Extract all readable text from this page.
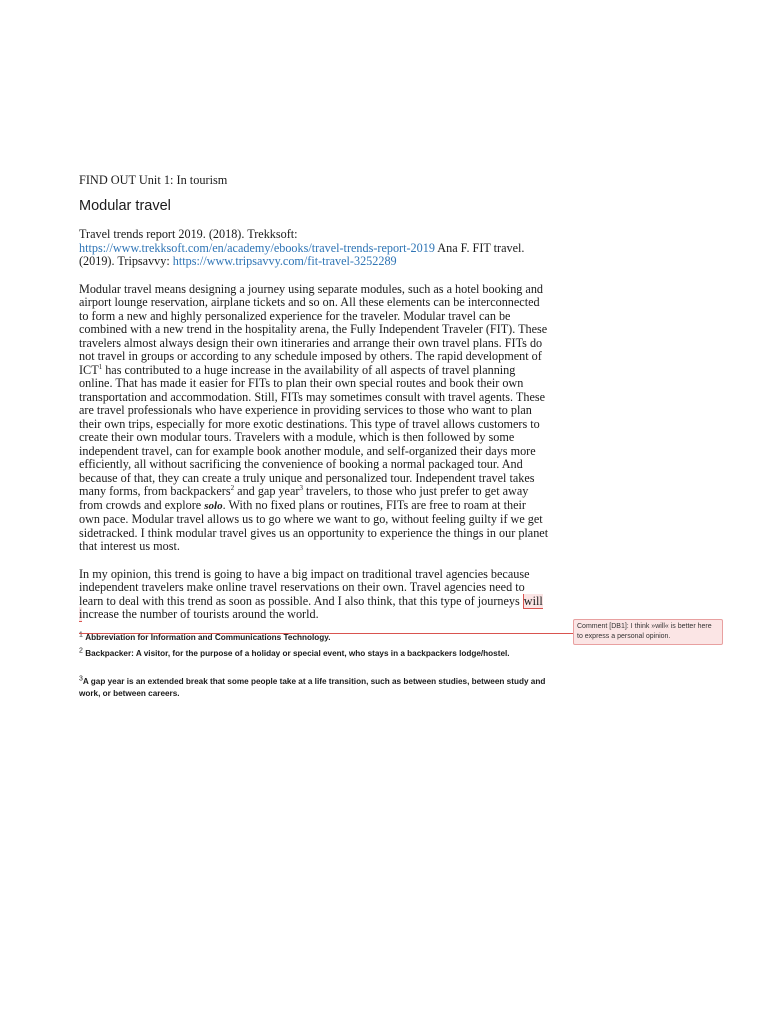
FIND OUT Unit 1: In tourism
Modular travel

Travel trends report 2019. (2018). Trekksoft: https://www.trekksoft.com/en/academy/ebooks/travel-trends-report-2019 Ana F. FIT travel. (2019). Tripsavvy: https://www.tripsavvy.com/fit-travel-3252289

Modular travel means designing a journey using separate modules, such as a hotel booking and airport lounge reservation, airplane tickets and so on. All these elements can be interconnected to form a new and highly personalized experience for the traveler. Modular travel can be combined with a new trend in the hospitality arena, the Fully Independent Traveler (FIT). These travelers almost always design their own itineraries and arrange their own travel plans. FITs do not travel in groups or according to any schedule imposed by others. The rapid development of ICT$^1$ has contributed to a huge increase in the availability of all aspects of travel planning online. That has made it easier for FITs to plan their own special routes and book their own transportation and accommodation. Still, FITs may sometimes consult with travel agents. These are travel professionals who have experience in providing services to those who want to plan their own trips, especially for more exotic destinations. This type of travel allows customers to create their own modular tours. Travelers with a module, which is then followed by some independent travel, can for example book another module, and self-organized their days more efficiently, all without sacrificing the convenience of booking a normal packaged tour. And because of that, they can create a truly unique and personalized tour. Independent travel takes many forms, from backpackers$^2$ and gap year$^3$ travelers, to those who just prefer to get away from crowds and explore solo. With no fixed plans or routines, FITs are free to roam at their own pace. Modular travel allows us to go where we want to go, without feeling guilty if we get sidetracked. I think modular travel gives us an opportunity to experience the things in our planet that interest us most.

In my opinion, this trend is going to have a big impact on traditional travel agencies because independent travelers make online travel reservations on their own. Travel agencies need to learn to deal with this trend as soon as possible. And I also think, that this type of journeys will increase the number of tourists around the world.

$^1$ Abbreviation for Information and Communications Technology.
$^2$ Backpacker: A visitor, for the purpose of a holiday or special event, who stays in a backpackers lodge/hostel.
$^3$A gap year is an extended break that some people take at a life transition, such as between studies, between study and work, or between careers.
Comment [DB1]: I think »will« is better here to express a personal opinion.
